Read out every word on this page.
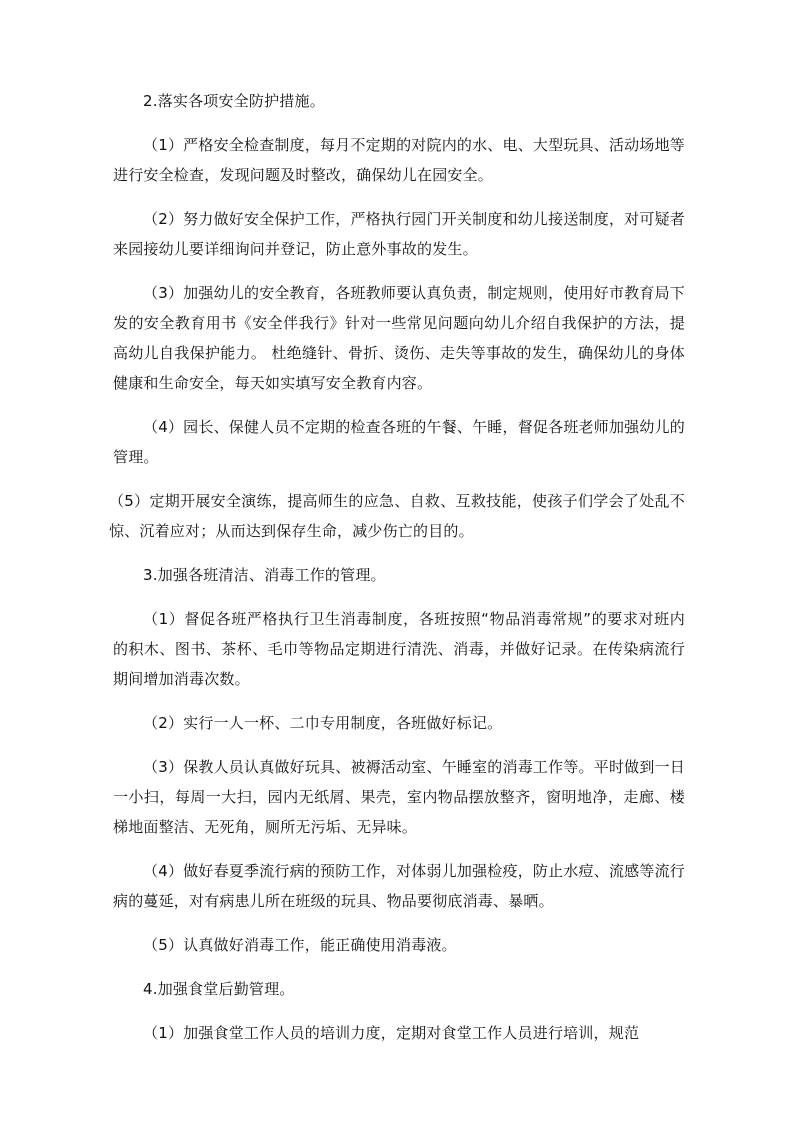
2.落实各项安全防护措施。

（1）严格安全检查制度，每月不定期的对院内的水、电、大型玩具、活动场地等进行安全检查，发现问题及时整改，确保幼儿在园安全。

（2）努力做好安全保护工作，严格执行园门开关制度和幼儿接送制度，对可疑者来园接幼儿要详细询问并登记，防止意外事故的发生。

（3）加强幼儿的安全教育，各班教师要认真负责，制定规则，使用好市教育局下发的安全教育用书《安全伴我行》针对一些常见问题向幼儿介绍自我保护的方法，提高幼儿自我保护能力。 杜绝缝针、骨折、烫伤、走失等事故的发生，确保幼儿的身体健康和生命安全，每天如实填写安全教育内容。

（4）园长、保健人员不定期的检查各班的午餐、午睡，督促各班老师加强幼儿的管理。

（5）定期开展安全演练，提高师生的应急、自救、互救技能，使孩子们学会了处乱不惊、沉着应对；从而达到保存生命，减少伤亡的目的。

3.加强各班清洁、消毒工作的管理。

（1）督促各班严格执行卫生消毒制度，各班按照“物品消毒常规”的要求对班内的积木、图书、茶杯、毛巾等物品定期进行清洗、消毒，并做好记录。在传染病流行期间增加消毒次数。

（2）实行一人一杯、二巾专用制度，各班做好标记。

（3）保教人员认真做好玩具、被褥活动室、午睡室的消毒工作等。平时做到一日一小扫，每周一大扫，园内无纸屑、果壳，室内物品摆放整齐，窗明地净，走廊、楼梯地面整洁、无死角，厕所无污垢、无异味。

（4）做好春夏季流行病的预防工作，对体弱儿加强检疫，防止水痘、流感等流行病的蔓延，对有病患儿所在班级的玩具、物品要彻底消毒、暴晒。

（5）认真做好消毒工作，能正确使用消毒液。

4.加强食堂后勤管理。

（1）加强食堂工作人员的培训力度，定期对食堂工作人员进行培训，规范
